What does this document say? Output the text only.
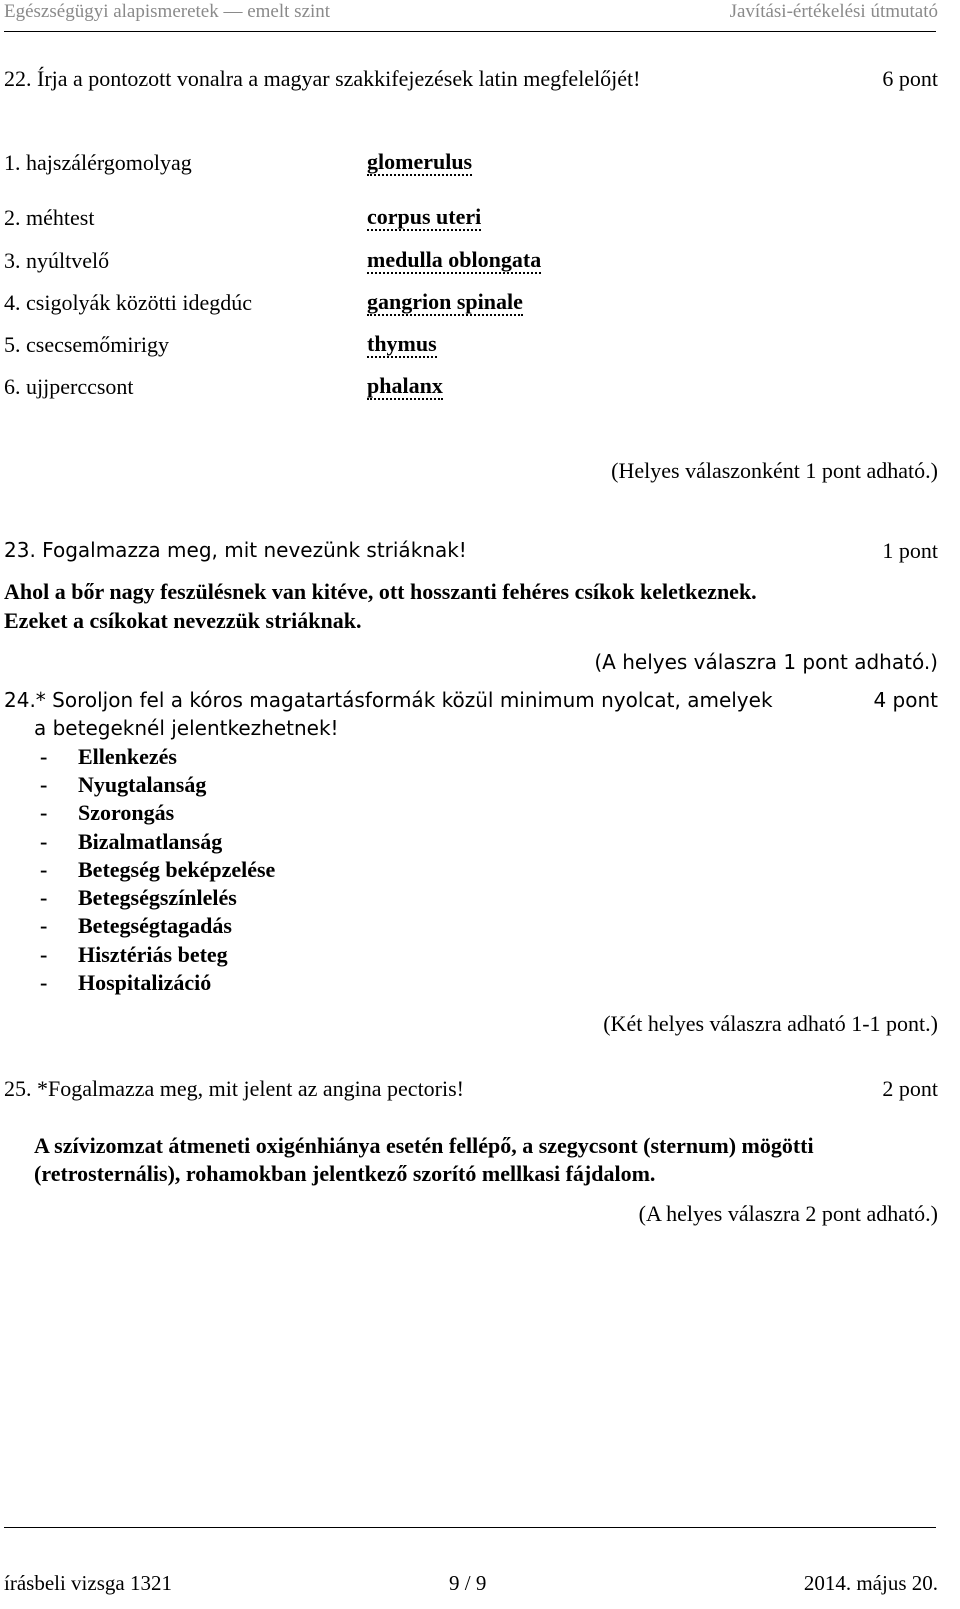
Egészségügyi alapismeretek — emelt szint	Javítási-értékelési útmutató
22. Írja a pontozott vonalra a magyar szakkifejezések latin megfelelőjét!	6 pont
1. hajszálérgomolyag	glomerulus
2. méhtest	corpus uteri
3. nyúltvelő	medulla oblongata
4. csigolyák közötti idegdúc	gangrion spinale
5. csecsemőmirigy	thymus
6. ujjperccsont	phalanx
(Helyes válaszonként 1 pont adható.)
23. Fogalmazza meg, mit nevezünk striáknak!	1 pont
Ahol a bőr nagy feszülésnek van kitéve, ott hosszanti fehéres csíkok keletkeznek.
Ezeket a csíkokat nevezzük striáknak.
(A helyes válaszra 1 pont adható.)
24.* Soroljon fel a kóros magatartásformák közül minimum nyolcat, amelyek
a betegeknél jelentkezhetnek!
4 pont
- Ellenkezés
- Nyugtalanság
- Szorongás
- Bizalmatlanság
- Betegség beképzelése
- Betegségszínlelés
- Betegségtagadás
- Hisztériás beteg
- Hospitalizáció
(Két helyes válaszra adható 1-1 pont.)
25. *Fogalmazza meg, mit jelent az angina pectoris!	2 pont
A szívizomzat átmeneti oxigénhiánya esetén fellépő, a szegycsont (sternum) mögötti
(retrosternális), rohamokban jelentkező szorító mellkasi fájdalom.
(A helyes válaszra 2 pont adható.)
írásbeli vizsga 1321	9 / 9	2014. május 20.
